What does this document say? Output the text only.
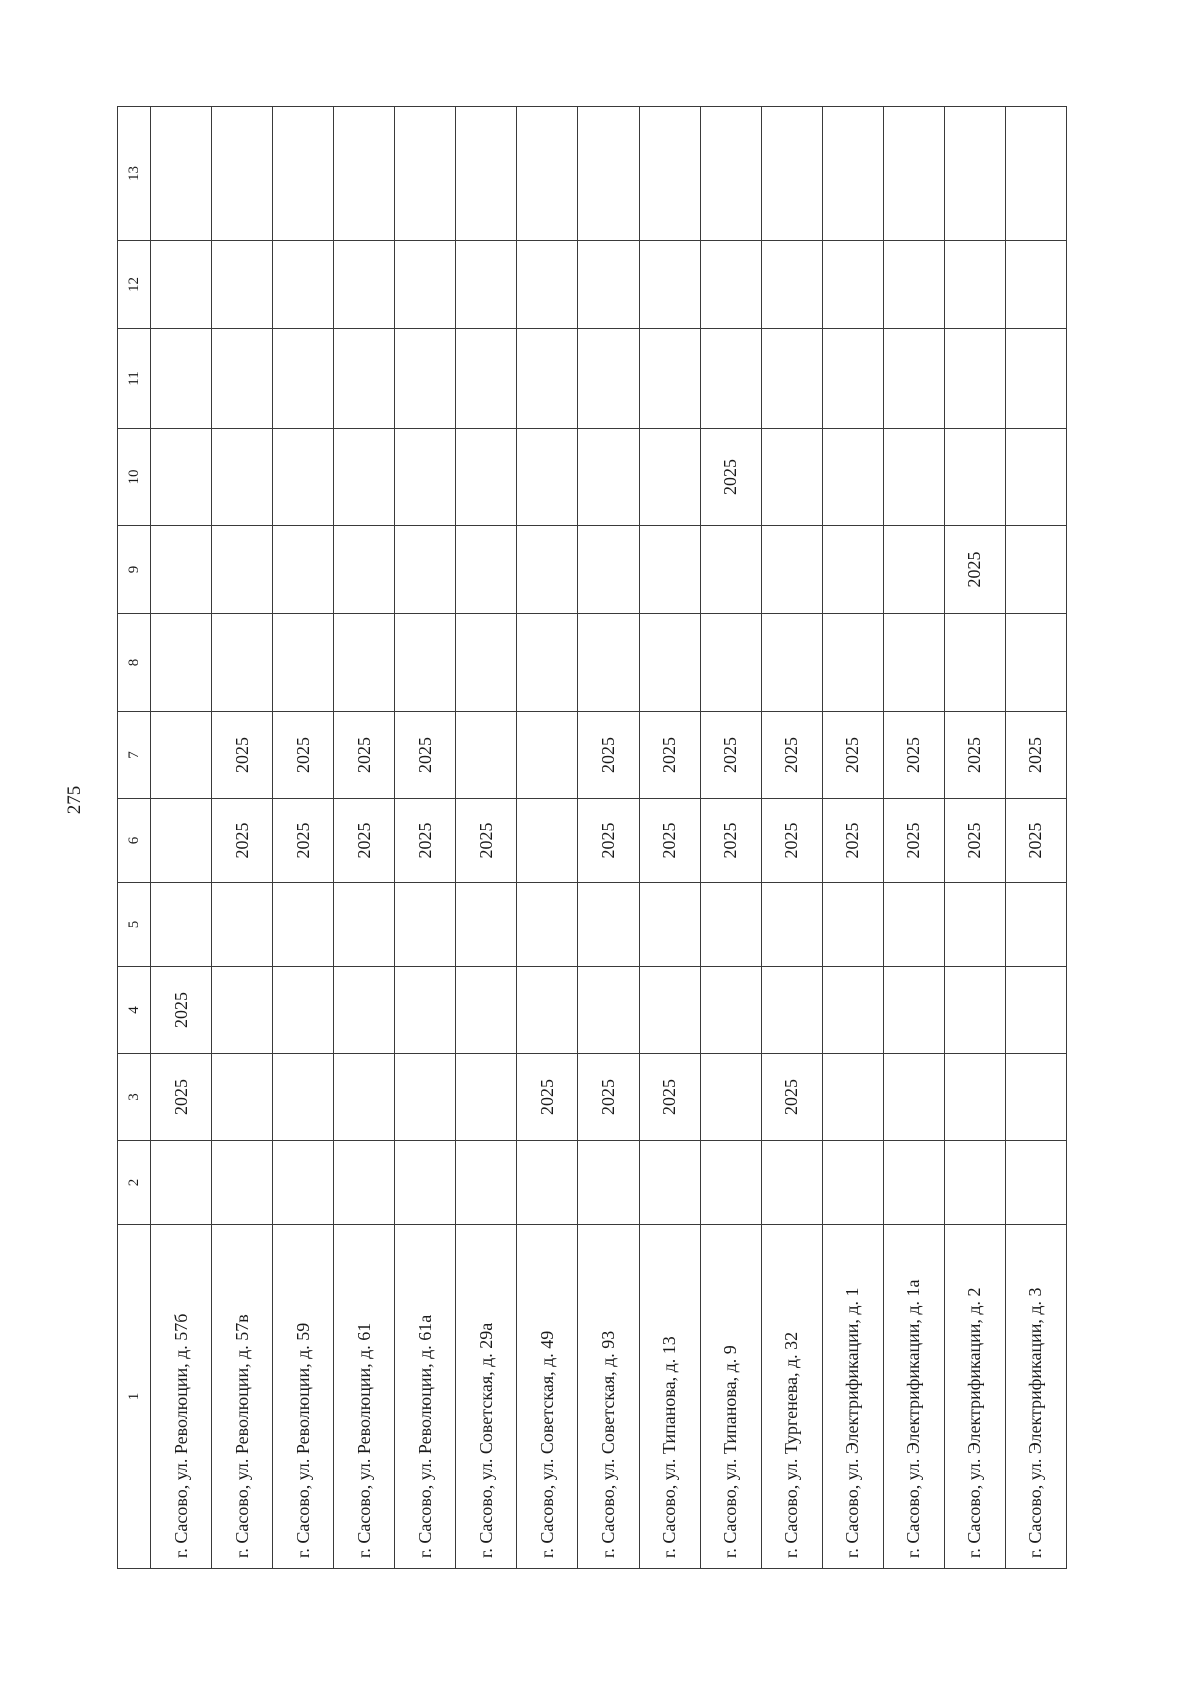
275
1	2	3	4	5	6	7	8	9	10	11	12	13
г. Сасово, ул. Революции, д. 57б		2025	2025									
г. Сасово, ул. Революции, д. 57в					2025	2025						
г. Сасово, ул. Революции, д. 59					2025	2025						
г. Сасово, ул. Революции, д. 61					2025	2025						
г. Сасово, ул. Революции, д. 61а					2025	2025						
г. Сасово, ул. Советская, д. 29а					2025							
г. Сасово, ул. Советская, д. 49		2025										
г. Сасово, ул. Советская, д. 93		2025			2025	2025						
г. Сасово, ул. Типанова, д. 13		2025			2025	2025						
г. Сасово, ул. Типанова, д. 9					2025	2025			2025			
г. Сасово, ул. Тургенева, д. 32		2025			2025	2025						
г. Сасово, ул. Электрификации, д. 1					2025	2025						
г. Сасово, ул. Электрификации, д. 1а					2025	2025						
г. Сасово, ул. Электрификации, д. 2					2025	2025		2025				
г. Сасово, ул. Электрификации, д. 3					2025	2025						
